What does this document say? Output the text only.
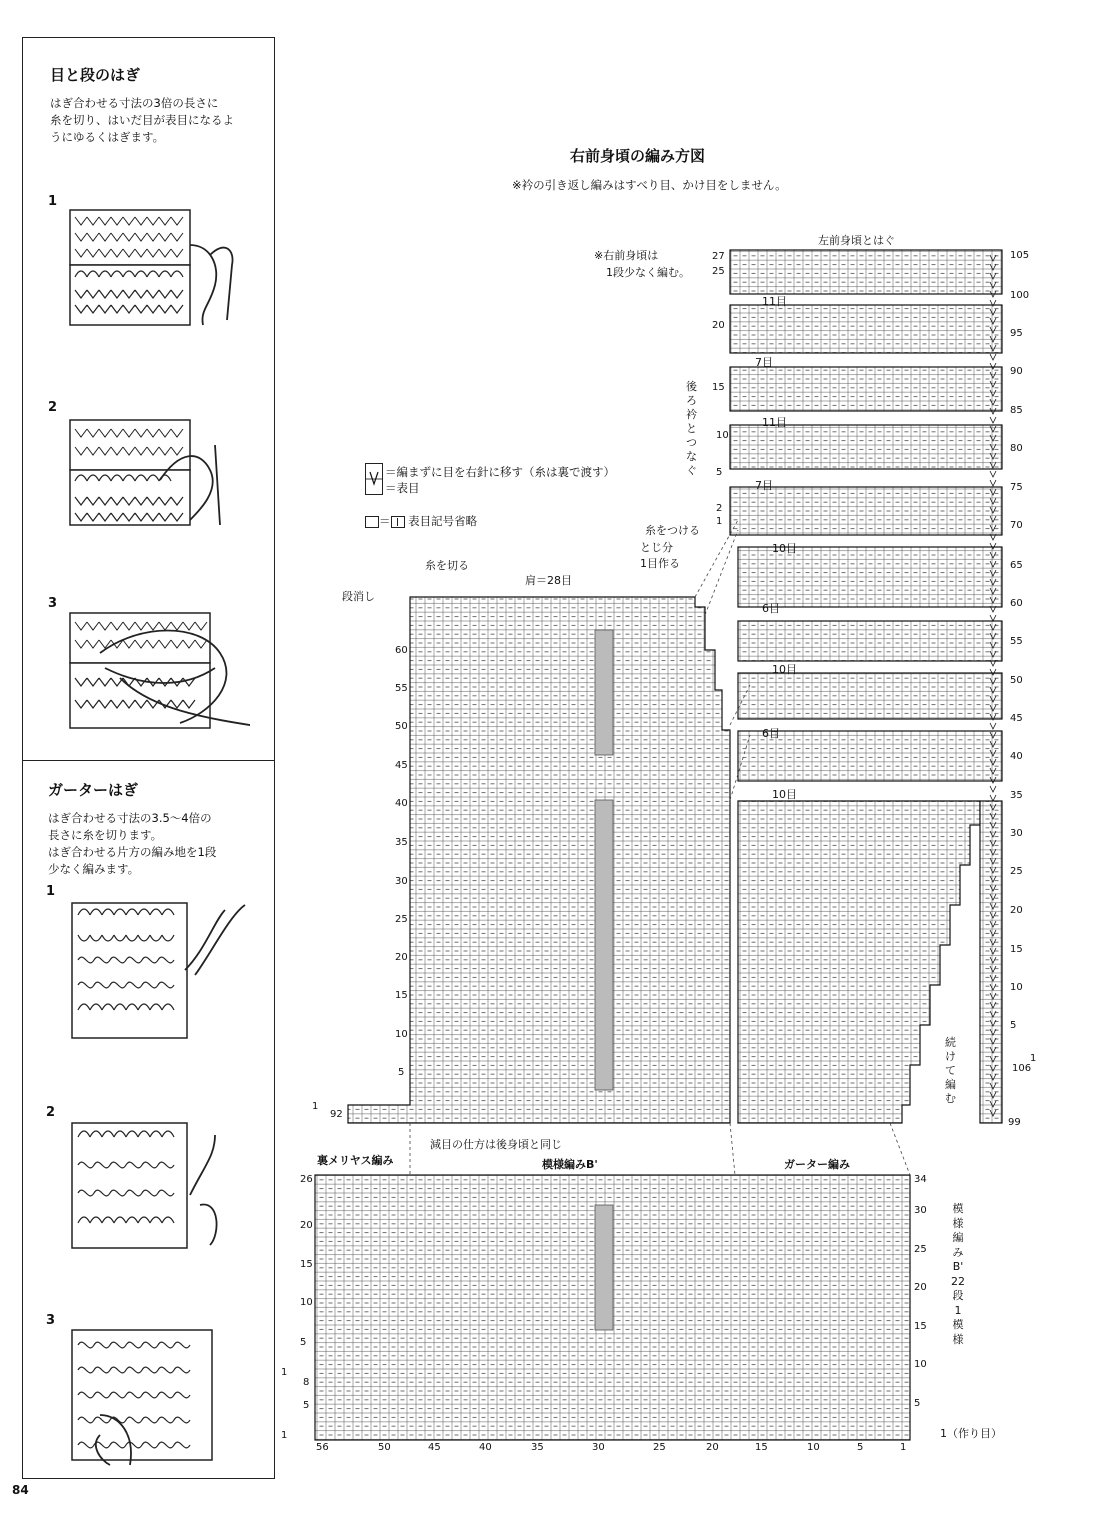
目と段のはぎ
はぎ合わせる寸法の3倍の長さに
糸を切り、はいだ目が表目になるよ
うにゆるくはぎます。
1
2
3
ガーターはぎ
はぎ合わせる寸法の3.5〜4倍の
長さに糸を切ります。
はぎ合わせる片方の編み地を1段
少なく編みます。
1
2
3
84
右前身頃の編み方図
※衿の引き返し編みはすべり目、かけ目をしません。
※右前身頃は
1段少なく編む。
＝編まずに目を右針に移す（糸は裏で渡す）
＝表目
＝ 表目記号省略
左前身頃とはぐ
後
ろ
衿
と
つ
な
ぐ
糸をつける
とじ分
1目作る
糸を切る
肩＝28目
段消し
減目の仕方は後身頃と同じ
裏メリヤス編み	模様編みB'	ガーター編み
続
け
て
編
む
模
様
編
み
B'
22
段
1
模
様
1（作り目）
11目
7目
11目
7目
10目
6目
10目
6目
10目
27
25
20
15
10
5
2
1
105
100
95
90
85
80
75
70
65
60
55
50
45
40
35
30
25
20
15
10
5
1
106
99
60
55
50
45
40
35
30
25
20
15
10
5
1
92
26
20
15
10
5
1
8
5
1
34
30
25
20
15
10
5
56	50	45	40	35	30	25	20	15	10	5	1
